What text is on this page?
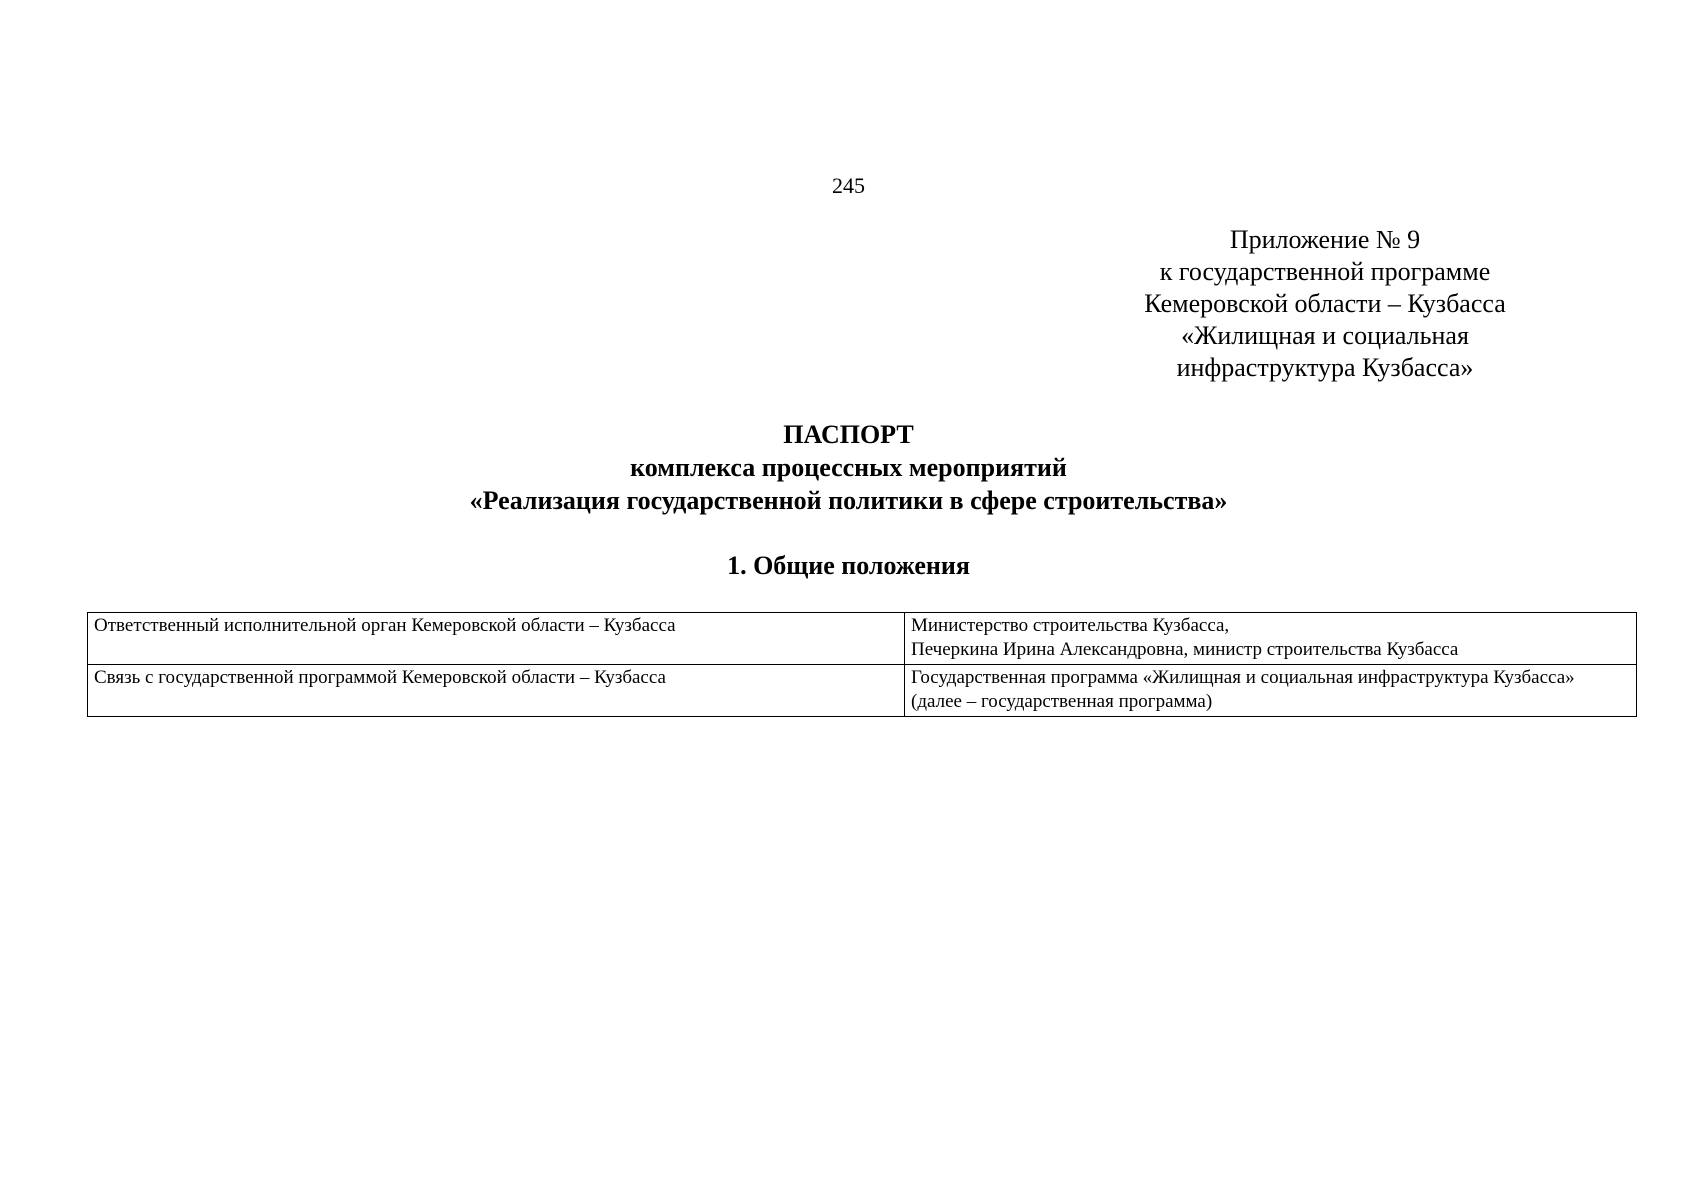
245
Приложение № 9
к государственной программе
Кемеровской области – Кузбасса
«Жилищная и социальная
инфраструктура Кузбасса»
ПАСПОРТ
комплекса процессных мероприятий
«Реализация государственной политики в сфере строительства»
1. Общие положения
Ответственный исполнительной орган Кемеровской области – Кузбасса	Министерство строительства Кузбасса,
Печеркина Ирина Александровна, министр строительства Кузбасса

Связь с государственной программой Кемеровской области – Кузбасса	Государственная программа «Жилищная и социальная инфраструктура Кузбасса»
(далее – государственная программа)
